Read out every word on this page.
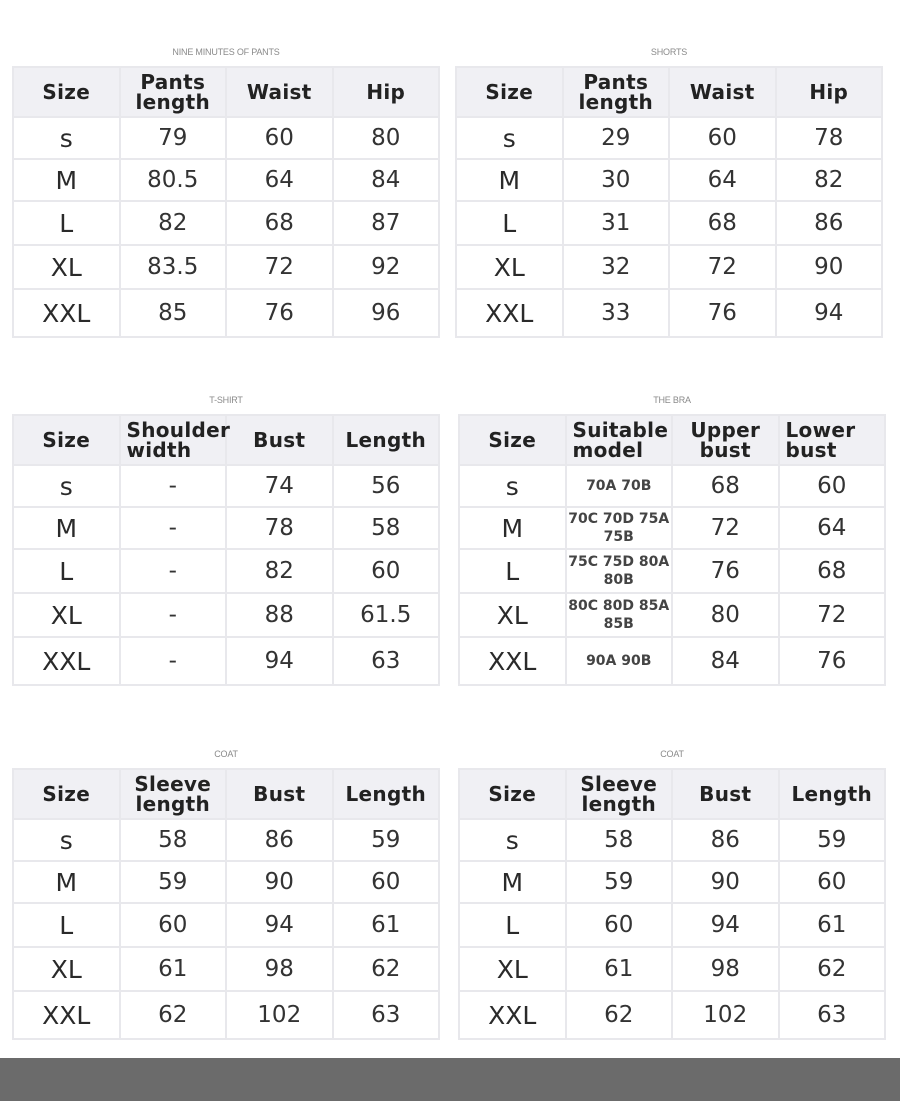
NINE MINUTES OF PANTS
Size	Pants length	Waist	Hip
s	79	60	80
M	80.5	64	84
L	82	68	87
XL	83.5	72	92
XXL	85	76	96
SHORTS
Size	Pants length	Waist	Hip
s	29	60	78
M	30	64	82
L	31	68	86
XL	32	72	90
XXL	33	76	94
T-SHIRT
Size	Shoulder width	Bust	Length
s	-	74	56
M	-	78	58
L	-	82	60
XL	-	88	61.5
XXL	-	94	63
THE BRA
Size	Suitable model	Upper bust	Lower bust
s	70A 70B	68	60
M	70C 70D 75A 75B	72	64
L	75C 75D 80A 80B	76	68
XL	80C 80D 85A 85B	80	72
XXL	90A 90B	84	76
COAT
Size	Sleeve length	Bust	Length
s	58	86	59
M	59	90	60
L	60	94	61
XL	61	98	62
XXL	62	102	63
COAT
Size	Sleeve length	Bust	Length
s	58	86	59
M	59	90	60
L	60	94	61
XL	61	98	62
XXL	62	102	63
